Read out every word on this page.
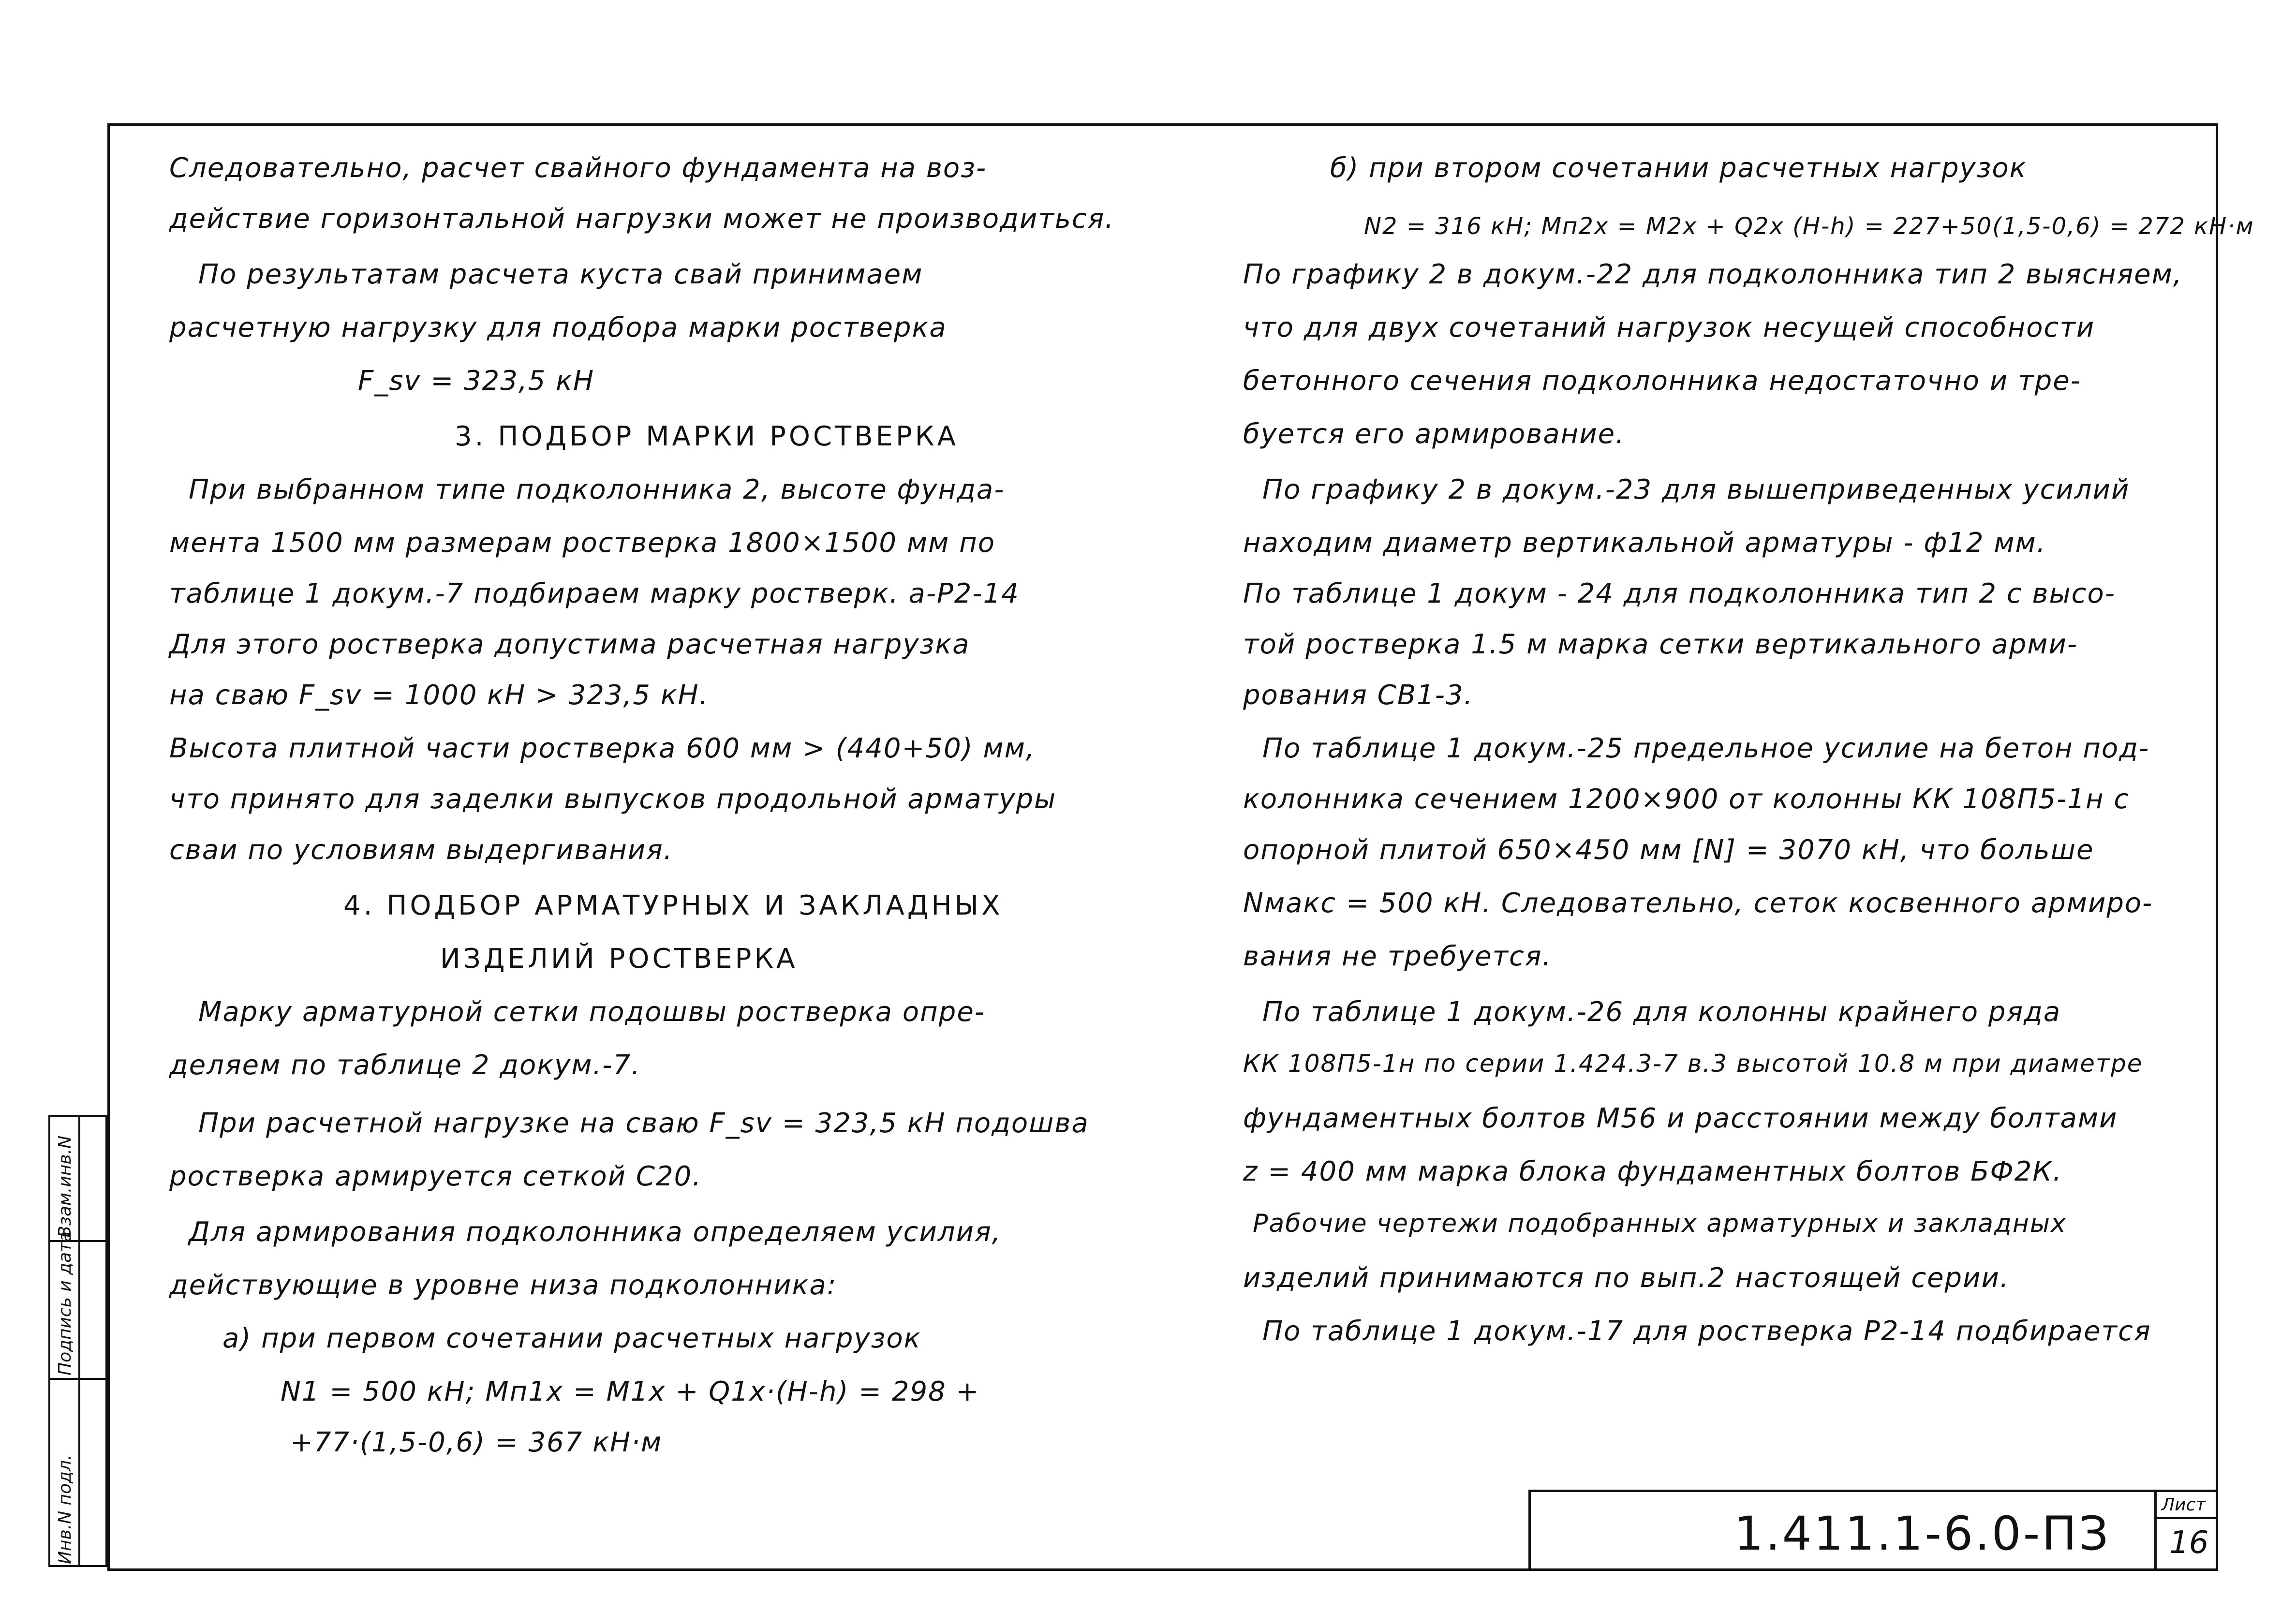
Инв.N подл.
Подпись и дата
Взам.инв.N
Следовательно, расчет свайного фундамента на воз-
действие горизонтальной нагрузки может не производиться.
По результатам расчета куста свай принимаем
расчетную нагрузку для подбора марки ростверка
F_sv = 323,5 кН
3. ПОДБОР МАРКИ РОСТВЕРКА
При выбранном типе подколонника 2, высоте фунда-
мента 1500 мм размерам ростверка 1800×1500 мм по
таблице 1 докум.-7 подбираем марку ростверк. а-Р2-14
Для этого ростверка допустима расчетная нагрузка
на сваю F_sv = 1000 кН > 323,5 кН.
Высота плитной части ростверка 600 мм > (440+50) мм,
что принято для заделки выпусков продольной арматуры
сваи по условиям выдергивания.
4. ПОДБОР АРМАТУРНЫХ И ЗАКЛАДНЫХ
ИЗДЕЛИЙ РОСТВЕРКА
Марку арматурной сетки подошвы ростверка опре-
деляем по таблице 2 докум.-7.
При расчетной нагрузке на сваю F_sv = 323,5 кН подошва
ростверка армируется сеткой С20.
Для армирования подколонника определяем усилия,
действующие в уровне низа подколонника:
а) при первом сочетании расчетных нагрузок
N1 = 500 кН; Mп1х = M1х + Q1х·(H-h) = 298 +
+77·(1,5-0,6) = 367 кН·м
б) при втором сочетании расчетных нагрузок
N2 = 316 кН; Mп2х = M2х + Q2х (H-h) = 227+50(1,5-0,6) = 272 кН·м
По графику 2 в докум.-22 для подколонника тип 2 выясняем,
что для двух сочетаний нагрузок несущей способности
бетонного сечения подколонника недостаточно и тре-
буется его армирование.
По графику 2 в докум.-23 для вышеприведенных усилий
находим диаметр вертикальной арматуры - ф12 мм.
По таблице 1 докум - 24 для подколонника тип 2 с высо-
той ростверка 1.5 м марка сетки вертикального арми-
рования СВ1-3.
По таблице 1 докум.-25 предельное усилие на бетон под-
колонника сечением 1200×900 от колонны КК 108П5-1н с
опорной плитой 650×450 мм [N] = 3070 кН, что больше
Nмакс = 500 кН. Следовательно, сеток косвенного армиро-
вания не требуется.
По таблице 1 докум.-26 для колонны крайнего ряда
КК 108П5-1н по серии 1.424.3-7 в.3 высотой 10.8 м при диаметре
фундаментных болтов М56 и расстоянии между болтами
z = 400 мм марка блока фундаментных болтов БФ2К.
Рабочие чертежи подобранных арматурных и закладных
изделий принимаются по вып.2 настоящей серии.
По таблице 1 докум.-17 для ростверка Р2-14 подбирается
1.411.1-6.0-ПЗ
Лист
16
